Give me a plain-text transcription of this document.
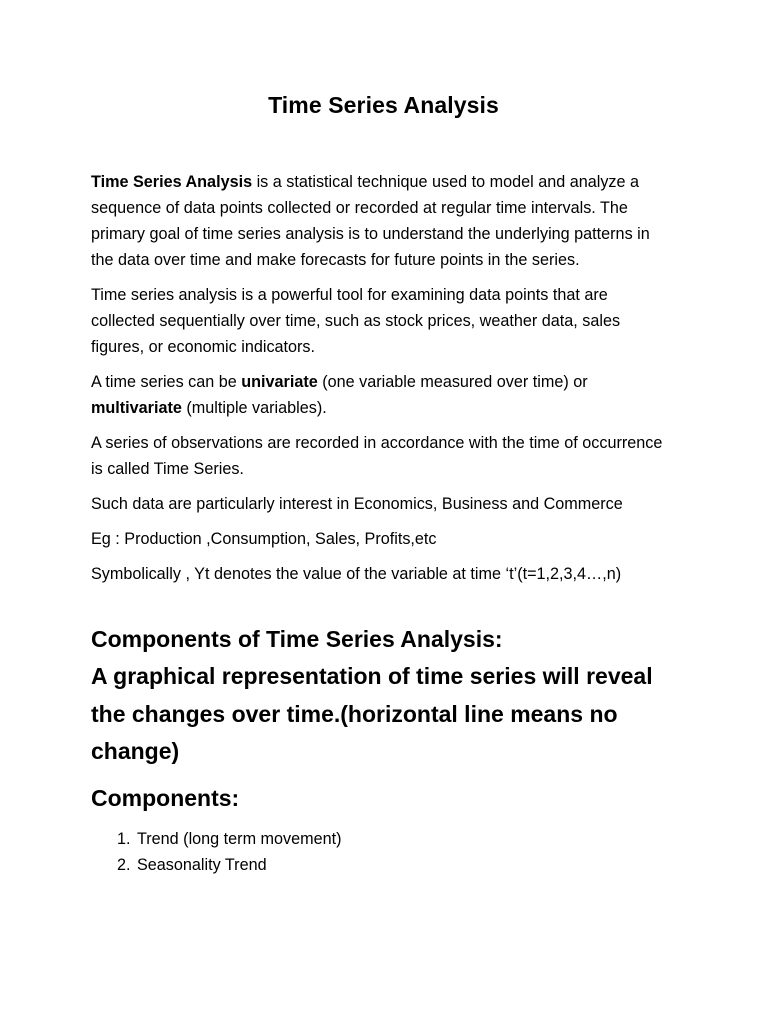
Time Series Analysis

Time Series Analysis is a statistical technique used to model and analyze a sequence of data points collected or recorded at regular time intervals. The primary goal of time series analysis is to understand the underlying patterns in the data over time and make forecasts for future points in the series.

Time series analysis is a powerful tool for examining data points that are collected sequentially over time, such as stock prices, weather data, sales figures, or economic indicators.

A time series can be univariate (one variable measured over time) or multivariate (multiple variables).

A series of observations are recorded in accordance with the time of occurrence is called Time Series.

Such data are particularly interest in Economics, Business and Commerce

Eg : Production ,Consumption, Sales, Profits,etc

Symbolically , Yt denotes the value of the variable at time ‘t’(t=1,2,3,4…,n)

Components of Time Series Analysis:
A graphical representation of time series will reveal the changes over time.(horizontal line means no change)
Components:
1. Trend (long term movement)
2. Seasonality Trend
